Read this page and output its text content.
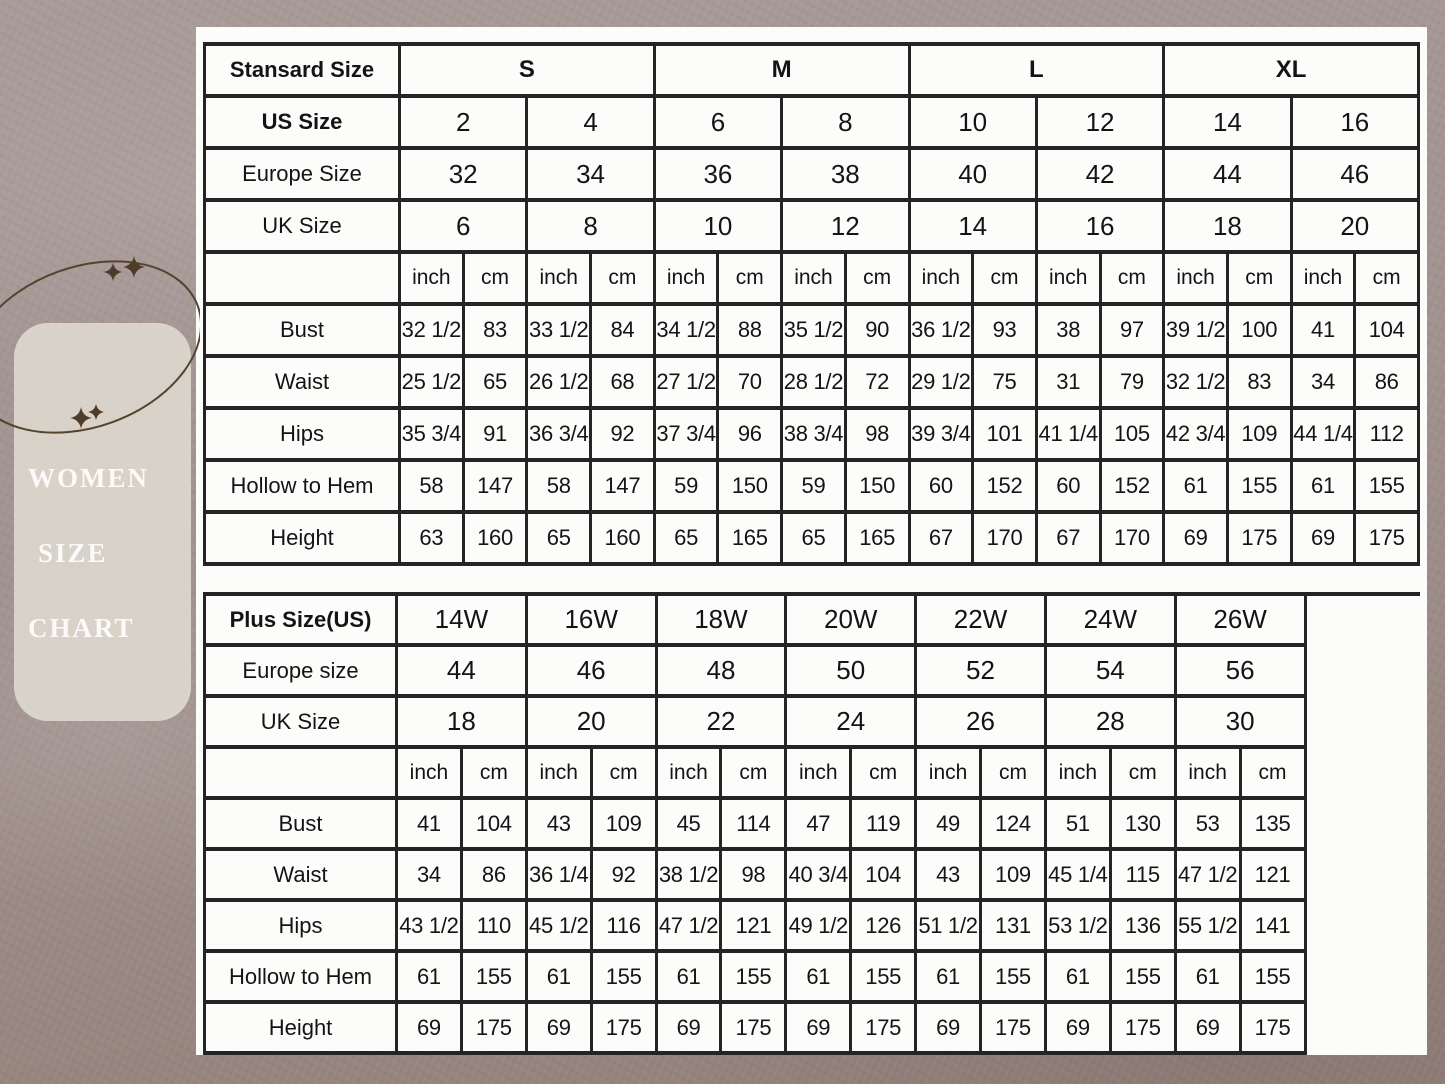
WOMEN
SIZE
CHART
Stansard Size	S				M				L				XL			
US Size	2		4		6		8		10		12		14		16	
Europe Size	32		34		36		38		40		42		44		46	
UK Size	6		8		10		12		14		16		18		20	
	inch	cm	inch	cm	inch	cm	inch	cm	inch	cm	inch	cm	inch	cm	inch	cm
Bust	32 1/2	83	33 1/2	84	34 1/2	88	35 1/2	90	36 1/2	93	38	97	39 1/2	100	41	104
Waist	25 1/2	65	26 1/2	68	27 1/2	70	28 1/2	72	29 1/2	75	31	79	32 1/2	83	34	86
Hips	35 3/4	91	36 3/4	92	37 3/4	96	38 3/4	98	39 3/4	101	41 1/4	105	42 3/4	109	44 1/4	112
Hollow to Hem	58	147	58	147	59	150	59	150	60	152	60	152	61	155	61	155
Height	63	160	65	160	65	165	65	165	67	170	67	170	69	175	69	175
Plus Size(US)	14W		16W		18W		20W		22W		24W		26W		
Europe size	44		46		48		50		52		54		56		
UK Size	18		20		22		24		26		28		30		
	inch	cm	inch	cm	inch	cm	inch	cm	inch	cm	inch	cm	inch	cm	
Bust	41	104	43	109	45	114	47	119	49	124	51	130	53	135	
Waist	34	86	36 1/4	92	38 1/2	98	40 3/4	104	43	109	45 1/4	115	47 1/2	121	
Hips	43 1/2	110	45 1/2	116	47 1/2	121	49 1/2	126	51 1/2	131	53 1/2	136	55 1/2	141	
Hollow to Hem	61	155	61	155	61	155	61	155	61	155	61	155	61	155	
Height	69	175	69	175	69	175	69	175	69	175	69	175	69	175	
